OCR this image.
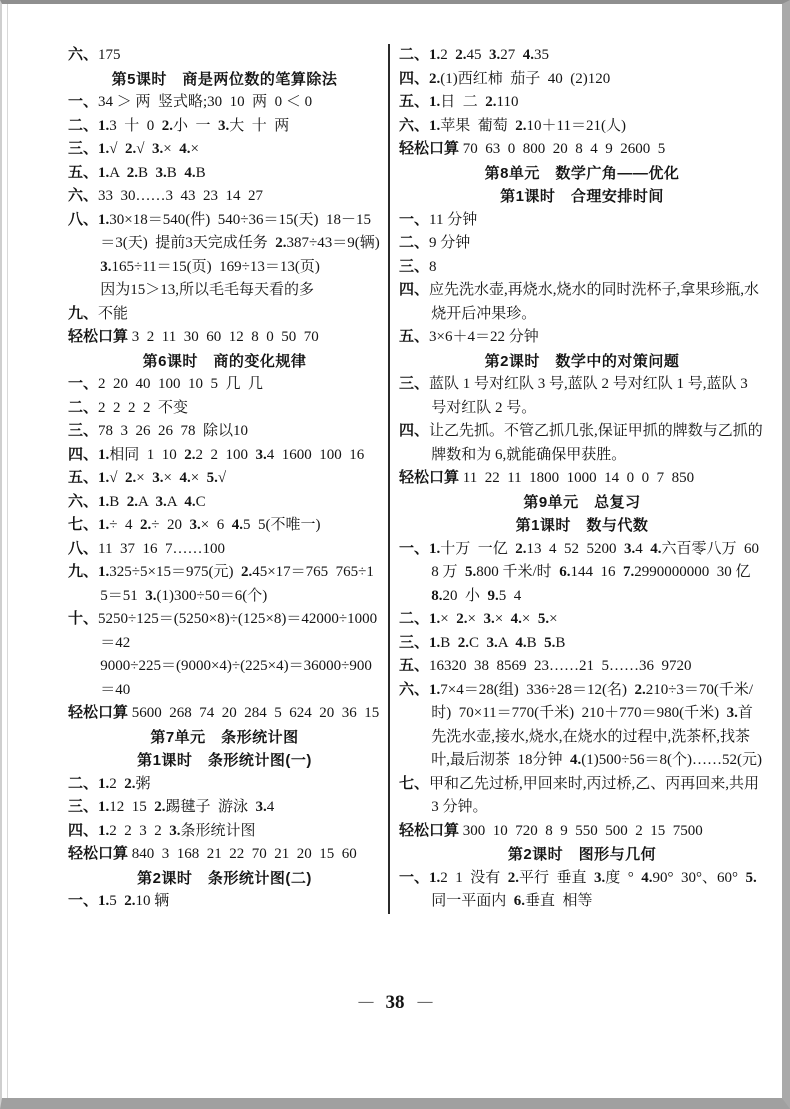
六、175
第5课时　商是两位数的笔算除法
一、34 ＞ 两  竖式略;30  10  两  0 ＜ 0
二、1.3  十  0  2.小  一  3.大  十  两
三、1.√  2.√  3.×  4.×
五、1.A  2.B  3.B  4.B
六、33  30……3  43  23  14  27
八、1.30×18＝540(件)  540÷36＝15(天)  18－15＝3(天)  提前3天完成任务  2.387÷43＝9(辆)  3.165÷11＝15(页)  169÷13＝13(页)
因为15＞13,所以毛毛每天看的多
九、不能
轻松口算 3  2  11  30  60  12  8  0  50  70
第6课时　商的变化规律
一、2  20  40  100  10  5  几  几
二、2  2  2  2  不变
三、78  3  26  26  78  除以10
四、1.相同  1  10  2.2  2  100  3.4  1600  100  16
五、1.√  2.×  3.×  4.×  5.√
六、1.B  2.A  3.A  4.C
七、1.÷  4  2.÷  20  3.×  6  4.5  5(不唯一)
八、11  37  16  7……100
九、1.325÷5×15＝975(元)  2.45×17＝765  765÷15＝51  3.(1)300÷50＝6(个)
十、5250÷125＝(5250×8)÷(125×8)＝42000÷1000＝42
9000÷225＝(9000×4)÷(225×4)＝36000÷900＝40
轻松口算 5600  268  74  20  284  5  624  20  36  15
第7单元　条形统计图
第1课时　条形统计图(一)
二、1.2  2.粥
三、1.12  15  2.踢毽子  游泳  3.4
四、1.2  2  3  2  3.条形统计图
轻松口算 840  3  168  21  22  70  21  20  15  60
第2课时　条形统计图(二)
一、1.5  2.10 辆
二、1.2  2.45  3.27  4.35
四、2.(1)西红柿  茄子  40  (2)120
五、1.日  二  2.110
六、1.苹果  葡萄  2.10＋11＝21(人)
轻松口算 70  63  0  800  20  8  4  9  2600  5
第8单元　数学广角——优化
第1课时　合理安排时间
一、11 分钟
二、9 分钟
三、8
四、应先洗水壶,再烧水,烧水的同时洗杯子,拿果珍瓶,水烧开后冲果珍。
五、3×6＋4＝22 分钟
第2课时　数学中的对策问题
三、蓝队 1 号对红队 3 号,蓝队 2 号对红队 1 号,蓝队 3 号对红队 2 号。
四、让乙先抓。不管乙抓几张,保证甲抓的牌数与乙抓的牌数和为 6,就能确保甲获胜。
轻松口算 11  22  11  1800  1000  14  0  0  7  850
第9单元　总复习
第1课时　数与代数
一、1.十万  一亿  2.13  4  52  5200  3.4  4.六百零八万  608 万  5.800 千米/时  6.144  16  7.2990000000  30 亿  8.20  小  9.5  4
二、1.×  2.×  3.×  4.×  5.×
三、1.B  2.C  3.A  4.B  5.B
五、16320  38  8569  23……21  5……36  9720
六、1.7×4＝28(组)  336÷28＝12(名)  2.210÷3＝70(千米/时)  70×11＝770(千米)  210＋770＝980(千米)  3.首先洗水壶,接水,烧水,在烧水的过程中,洗茶杯,找茶叶,最后沏茶  18分钟  4.(1)500÷56＝8(个)……52(元)
七、甲和乙先过桥,甲回来时,丙过桥,乙、丙再回来,共用 3 分钟。
轻松口算 300  10  720  8  9  550  500  2  15  7500
第2课时　图形与几何
一、1.2  1  没有  2.平行  垂直  3.度  °  4.90°  30°、60°  5.同一平面内  6.垂直  相等
— 38 —
